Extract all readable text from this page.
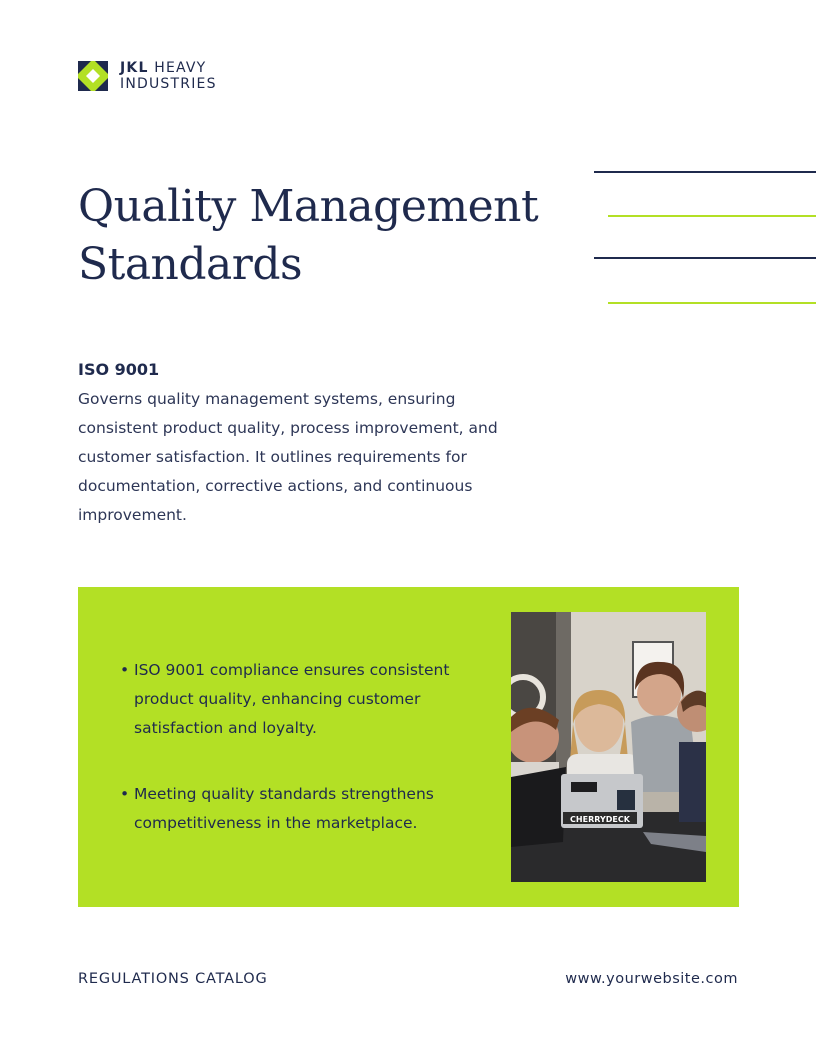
JKL HEAVY
INDUSTRIES
Quality Management Standards
ISO 9001

Governs quality management systems, ensuring consistent product quality, process improvement, and customer satisfaction. It outlines requirements for documentation, corrective actions, and continuous improvement.

• ISO 9001 compliance ensures consistent product quality, enhancing customer satisfaction and loyalty.
• Meeting quality standards strengthens competitiveness in the marketplace.	CHERRYDECK
REGULATIONS CATALOG	www.yourwebsite.com
